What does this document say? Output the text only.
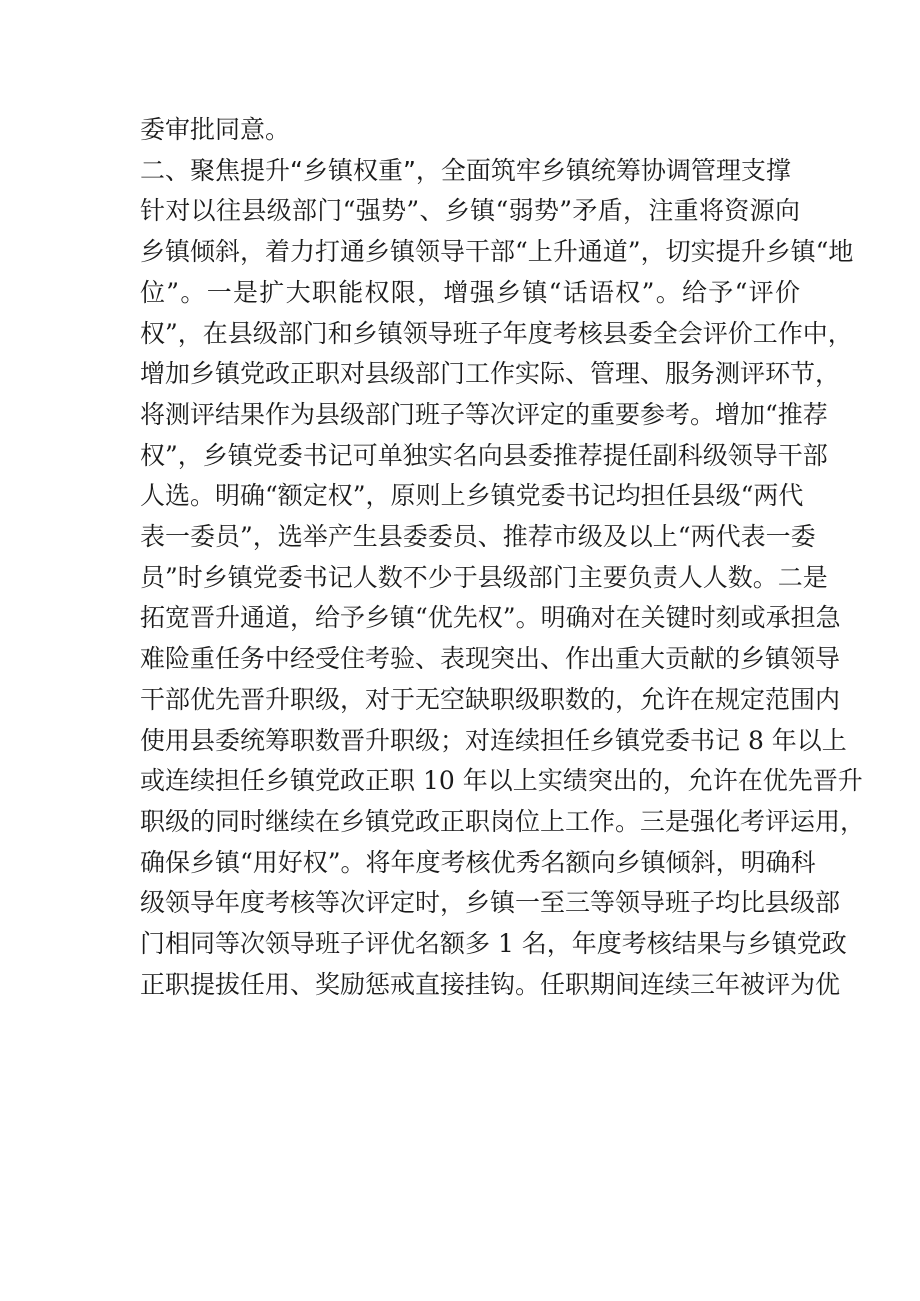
委审批同意。
二、聚焦提升“乡镇权重”，全面筑牢乡镇统筹协调管理支撑
针对以往县级部门“强势”、乡镇“弱势”矛盾，注重将资源向
乡镇倾斜，着力打通乡镇领导干部“上升通道”，切实提升乡镇“地
位”。一是扩大职能权限，增强乡镇“话语权”。给予“评价
权”，在县级部门和乡镇领导班子年度考核县委全会评价工作中，
增加乡镇党政正职对县级部门工作实际、管理、服务测评环节，
将测评结果作为县级部门班子等次评定的重要参考。增加“推荐
权”，乡镇党委书记可单独实名向县委推荐提任副科级领导干部
人选。明确“额定权”，原则上乡镇党委书记均担任县级“两代
表一委员”，选举产生县委委员、推荐市级及以上“两代表一委
员”时乡镇党委书记人数不少于县级部门主要负责人人数。二是
拓宽晋升通道，给予乡镇“优先权”。明确对在关键时刻或承担急
难险重任务中经受住考验、表现突出、作出重大贡献的乡镇领导
干部优先晋升职级，对于无空缺职级职数的，允许在规定范围内
使用县委统筹职数晋升职级；对连续担任乡镇党委书记 8 年以上
或连续担任乡镇党政正职 10 年以上实绩突出的，允许在优先晋升
职级的同时继续在乡镇党政正职岗位上工作。三是强化考评运用，
确保乡镇“用好权”。将年度考核优秀名额向乡镇倾斜，明确科
级领导年度考核等次评定时，乡镇一至三等领导班子均比县级部
门相同等次领导班子评优名额多 1 名，年度考核结果与乡镇党政
正职提拔任用、奖励惩戒直接挂钩。任职期间连续三年被评为优
